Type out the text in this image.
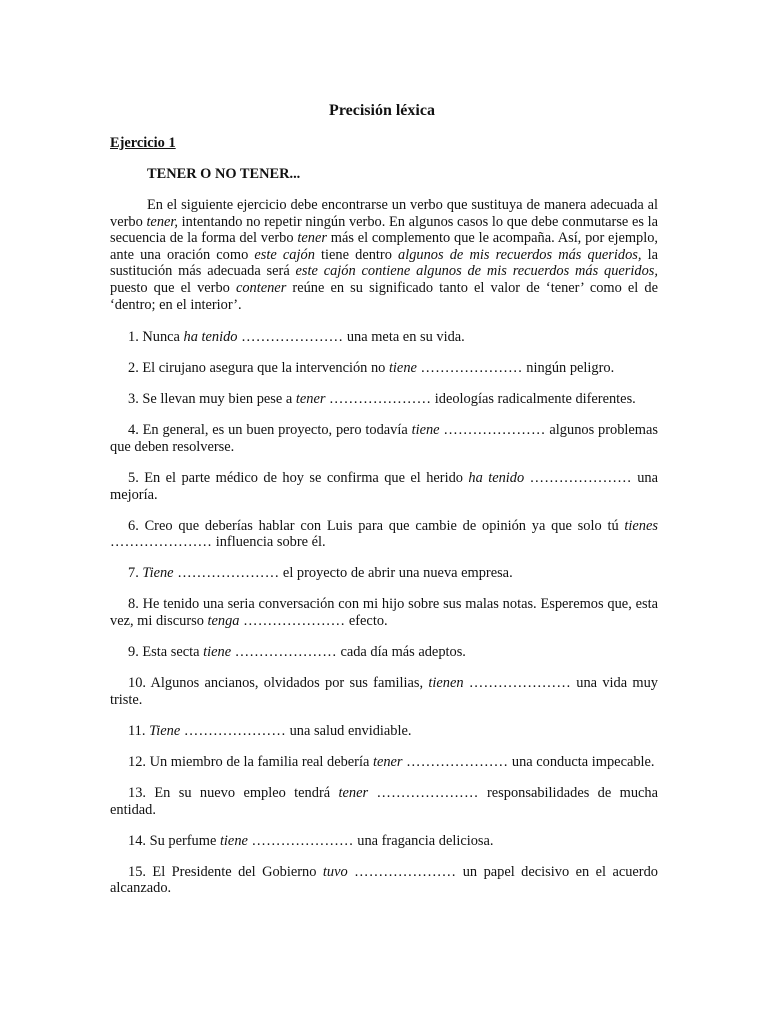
Precisión léxica
Ejercicio 1
TENER O NO TENER...

En el siguiente ejercicio debe encontrarse un verbo que sustituya de manera adecuada al verbo tener, intentando no repetir ningún verbo. En algunos casos lo que debe conmutarse es la secuencia de la forma del verbo tener más el complemento que le acompaña. Así, por ejemplo, ante una oración como este cajón tiene dentro algunos de mis recuerdos más queridos, la sustitución más adecuada será este cajón contiene algunos de mis recuerdos más queridos, puesto que el verbo contener reúne en su significado tanto el valor de ‘tener’ como el de ‘dentro; en el interior’.

1. Nunca ha tenido ………………… una meta en su vida.

2. El cirujano asegura que la intervención no tiene ………………… ningún peligro.

3. Se llevan muy bien pese a tener ………………… ideologías radicalmente diferentes.

4. En general, es un buen proyecto, pero todavía tiene ………………… algunos problemas que deben resolverse.

5. En el parte médico de hoy se confirma que el herido ha tenido ………………… una mejoría.

6. Creo que deberías hablar con Luis para que cambie de opinión ya que solo tú tienes ………………… influencia sobre él.

7. Tiene ………………… el proyecto de abrir una nueva empresa.

8. He tenido una seria conversación con mi hijo sobre sus malas notas. Esperemos que, esta vez, mi discurso tenga ………………… efecto.

9. Esta secta tiene ………………… cada día más adeptos.

10. Algunos ancianos, olvidados por sus familias, tienen ………………… una vida muy triste.

11. Tiene ………………… una salud envidiable.

12. Un miembro de la familia real debería tener ………………… una conducta impecable.

13. En su nuevo empleo tendrá tener ………………… responsabilidades de mucha entidad.

14. Su perfume tiene ………………… una fragancia deliciosa.

15. El Presidente del Gobierno tuvo ………………… un papel decisivo en el acuerdo alcanzado.
